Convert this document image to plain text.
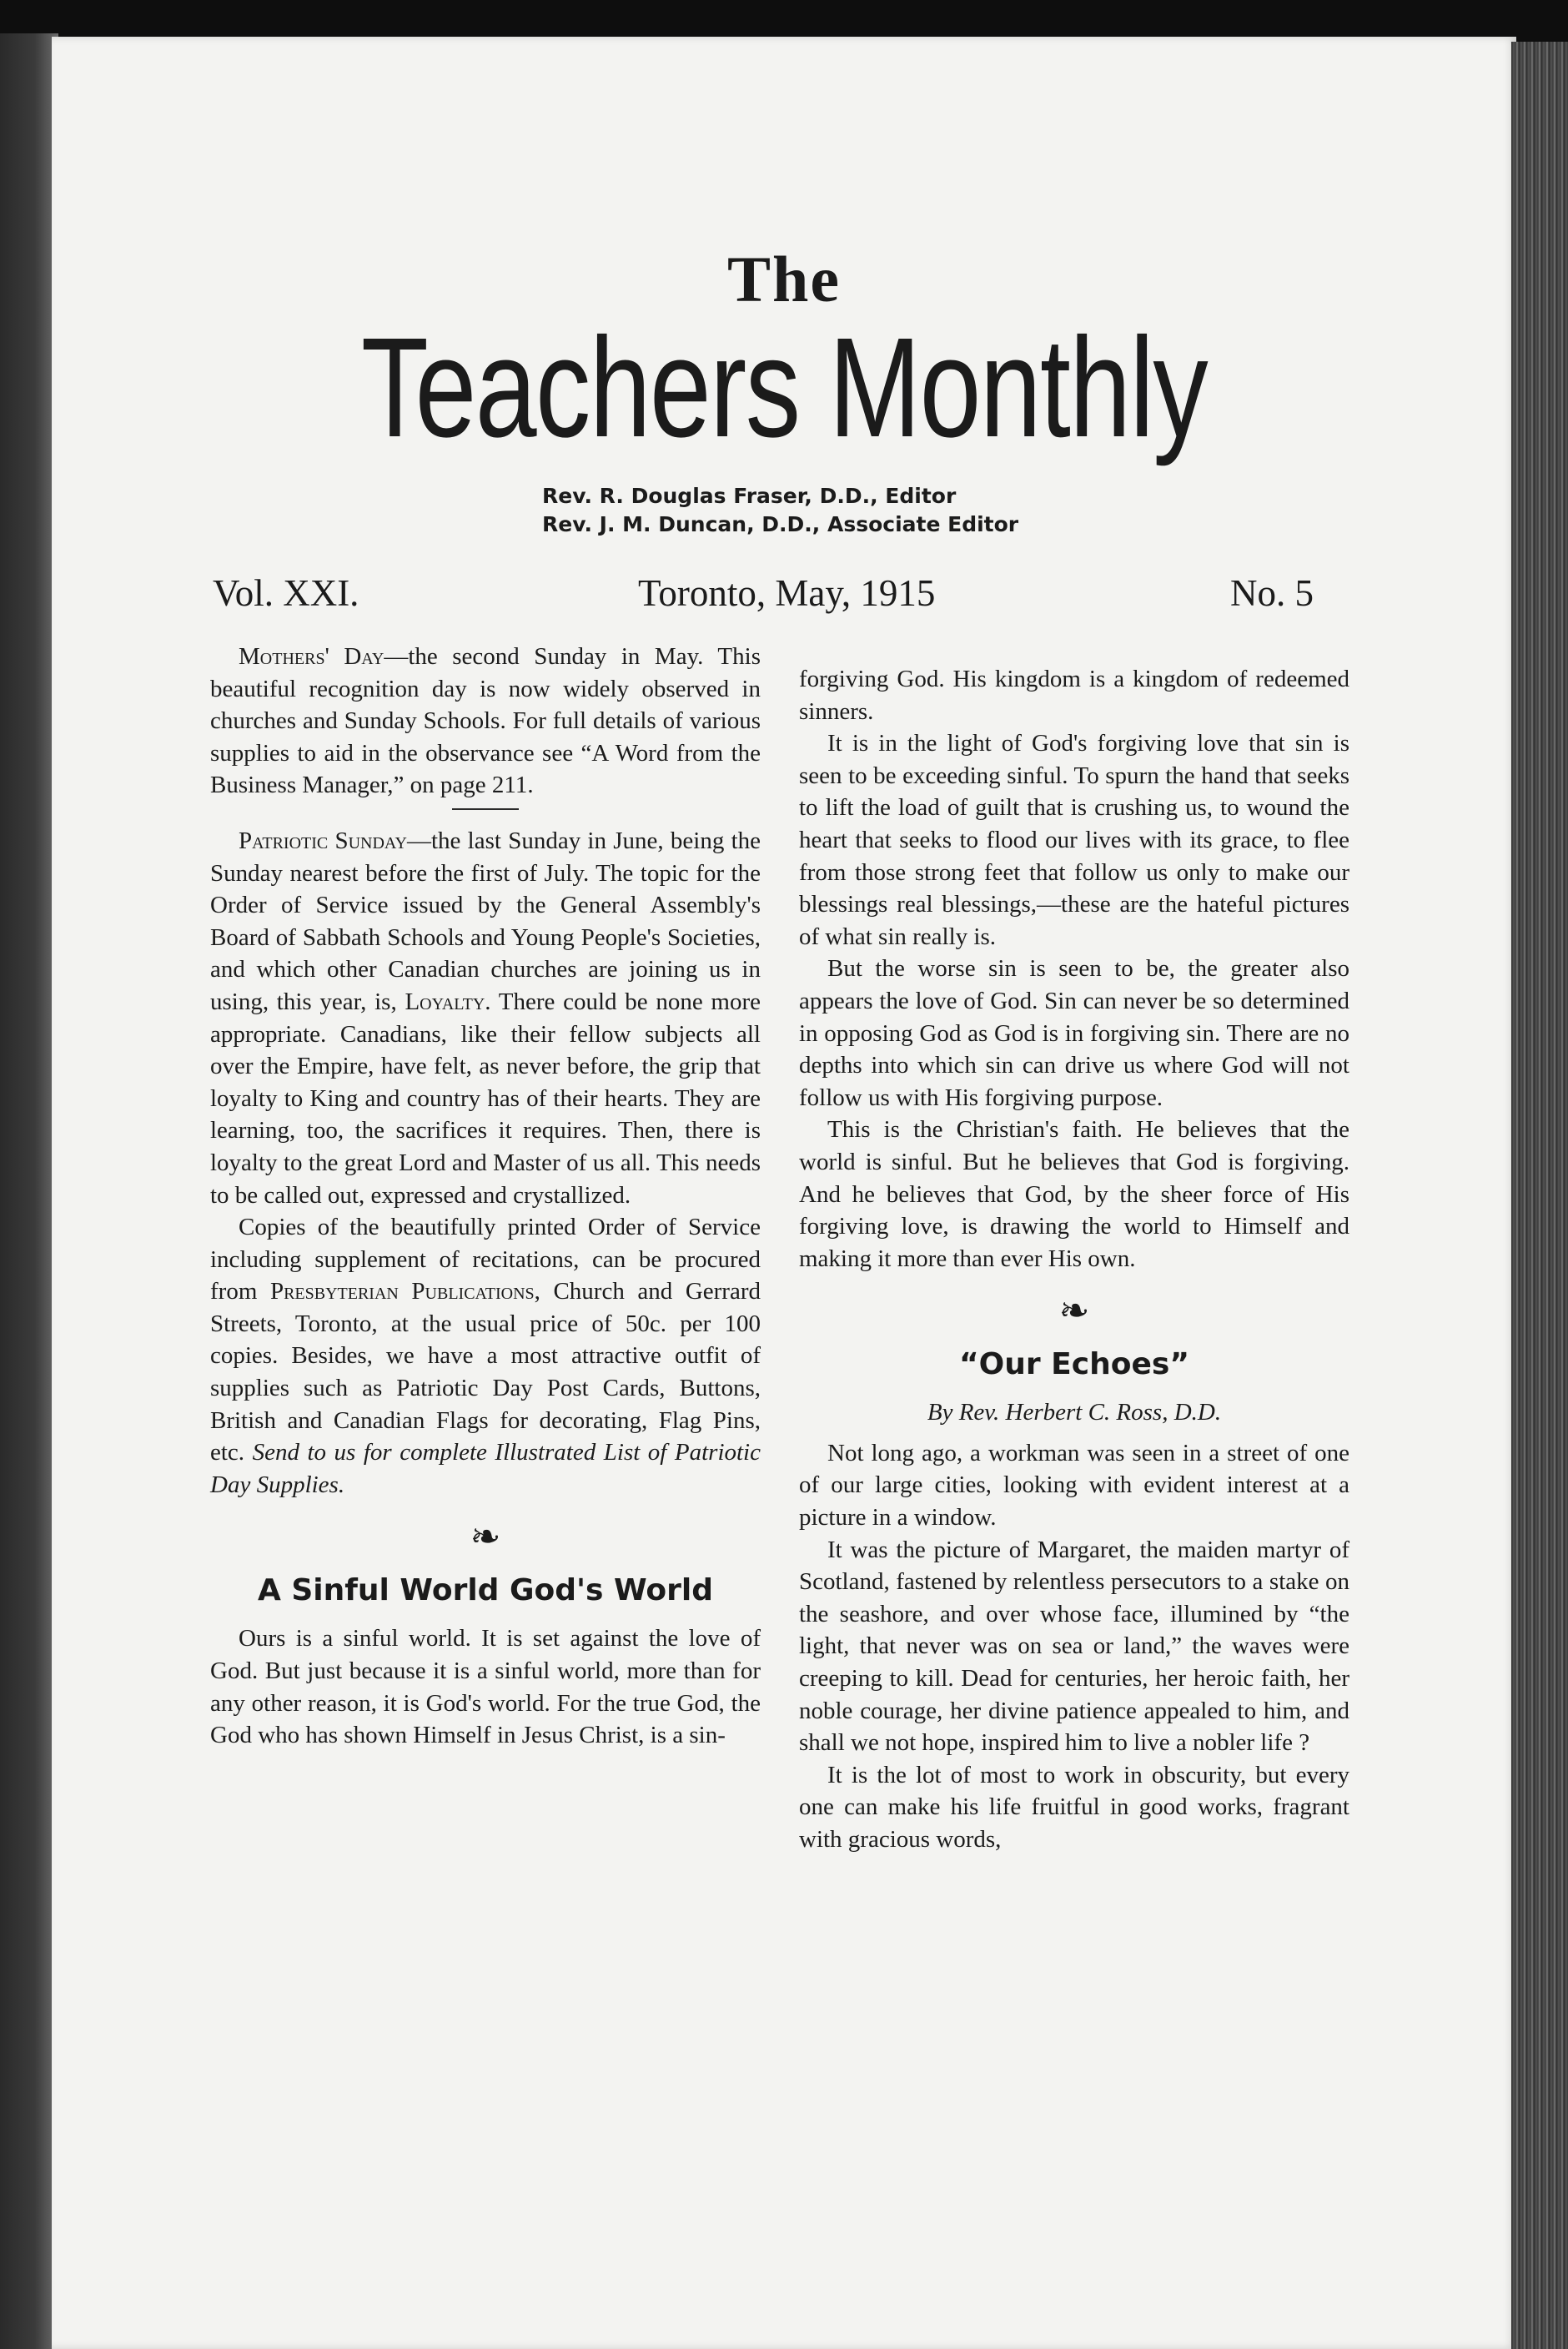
The
Teachers Monthly
Rev. R. Douglas Fraser, D.D., Editor
Rev. J. M. Duncan, D.D., Associate Editor
Vol. XXI.	Toronto, May, 1915	No. 5

Mothers' Day—the second Sunday in May. This beautiful recognition day is now widely observed in churches and Sunday Schools. For full details of various supplies to aid in the observance see “A Word from the Business Manager,” on page 211.

Patriotic Sunday—the last Sunday in June, being the Sunday nearest before the first of July. The topic for the Order of Service issued by the General Assembly's Board of Sabbath Schools and Young People's Societies, and which other Canadian churches are joining us in using, this year, is, Loyalty. There could be none more appropriate. Canadians, like their fellow subjects all over the Empire, have felt, as never before, the grip that loyalty to King and country has of their hearts. They are learning, too, the sacrifices it requires. Then, there is loyalty to the great Lord and Master of us all. This needs to be called out, expressed and crystallized.

Copies of the beautifully printed Order of Service including supplement of recitations, can be procured from Presbyterian Publications, Church and Gerrard Streets, Toronto, at the usual price of 50c. per 100 copies. Besides, we have a most attractive outfit of supplies such as Patriotic Day Post Cards, Buttons, British and Canadian Flags for decorating, Flag Pins, etc. Send to us for complete Illustrated List of Patriotic Day Supplies.

❧
A Sinful World God's World

Ours is a sinful world. It is set against the love of God. But just because it is a sinful world, more than for any other reason, it is God's world. For the true God, the God who has shown Himself in Jesus Christ, is a sin-

forgiving God. His kingdom is a kingdom of redeemed sinners.

It is in the light of God's forgiving love that sin is seen to be exceeding sinful. To spurn the hand that seeks to lift the load of guilt that is crushing us, to wound the heart that seeks to flood our lives with its grace, to flee from those strong feet that follow us only to make our blessings real blessings,—these are the hateful pictures of what sin really is.

But the worse sin is seen to be, the greater also appears the love of God. Sin can never be so determined in opposing God as God is in forgiving sin. There are no depths into which sin can drive us where God will not follow us with His forgiving purpose.

This is the Christian's faith. He believes that the world is sinful. But he believes that God is forgiving. And he believes that God, by the sheer force of His forgiving love, is drawing the world to Himself and making it more than ever His own.

❧
“Our Echoes”
By Rev. Herbert C. Ross, D.D.

Not long ago, a workman was seen in a street of one of our large cities, looking with evident interest at a picture in a window.

It was the picture of Margaret, the maiden martyr of Scotland, fastened by relentless persecutors to a stake on the seashore, and over whose face, illumined by “the light, that never was on sea or land,” the waves were creeping to kill. Dead for centuries, her heroic faith, her noble courage, her divine patience appealed to him, and shall we not hope, inspired him to live a nobler life ?

It is the lot of most to work in obscurity, but every one can make his life fruitful in good works, fragrant with gracious words,
